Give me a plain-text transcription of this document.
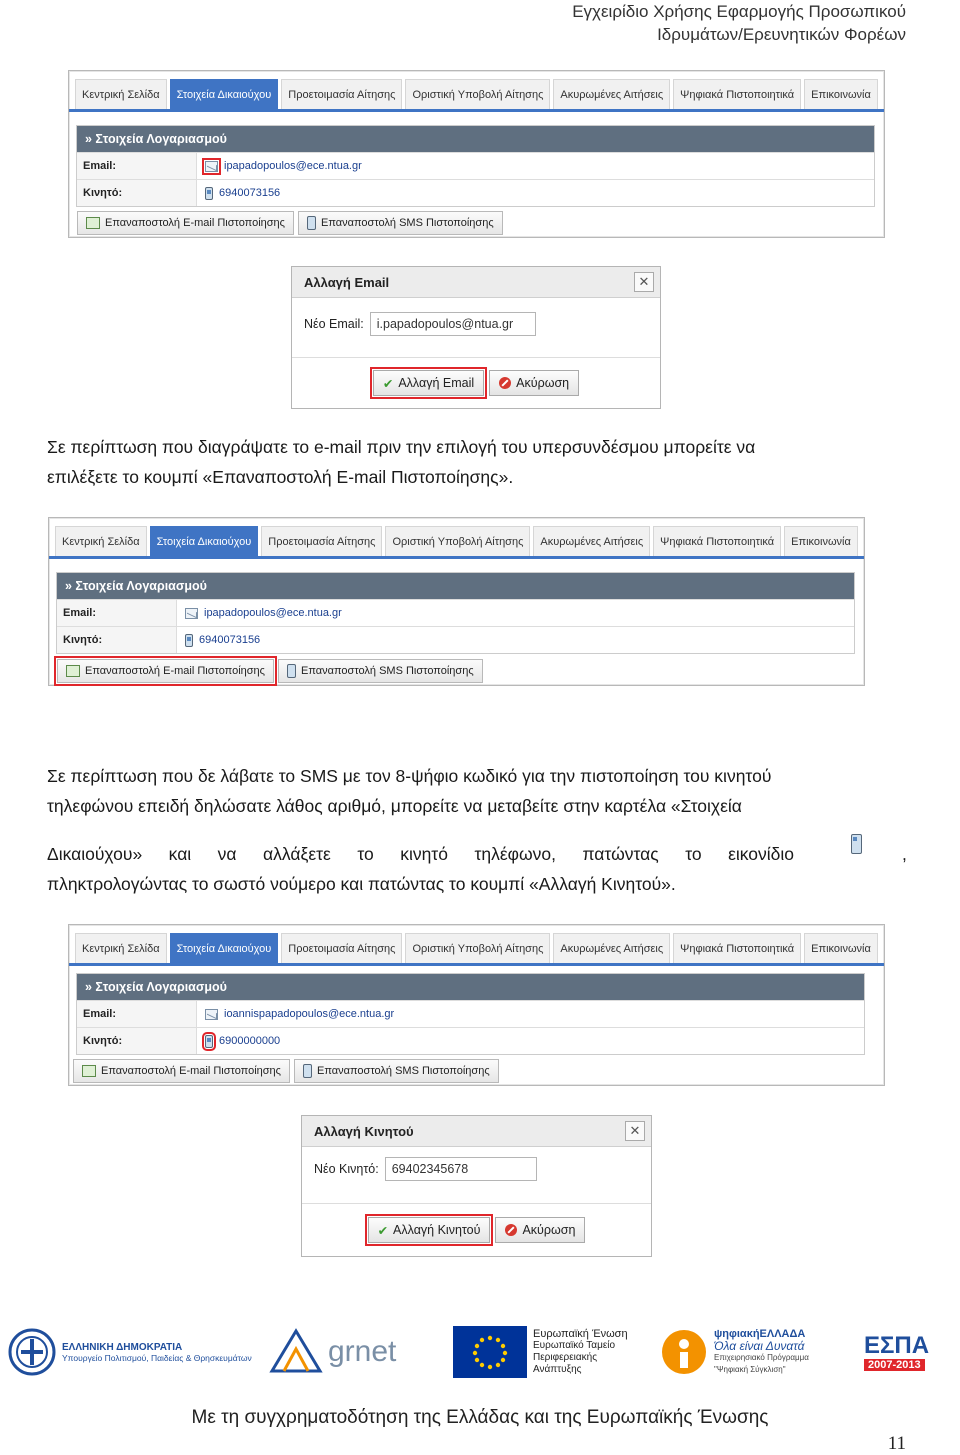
Εγχειρίδιο Χρήσης Εφαρμογής Προσωπικού
Ιδρυμάτων/Ερευνητικών Φορέων
Κεντρική Σελίδα	Στοιχεία Δικαιούχου	Προετοιμασία Αίτησης	Οριστική Υποβολή Αίτησης	Ακυρωμένες Αιτήσεις	Ψηφιακά Πιστοποιητικά	Επικοινωνία
» Στοιχεία Λογαριασμού
Email:	ipapadopoulos@ece.ntua.gr
Κινητό:	6940073156
Επαναποστολή E-mail Πιστοποίησης	Επαναποστολή SMS Πιστοποίησης
Αλλαγή Email	✕
Νέο Email:	i.papadopoulos@ntua.gr
✔ Αλλαγή Email	Ακύρωση
Σε περίπτωση που διαγράψατε το e-mail πριν την επιλογή του υπερσυνδέσμου μπορείτε να
επιλέξετε το κουμπί «Επαναποστολή E-mail Πιστοποίησης».
Κεντρική Σελίδα	Στοιχεία Δικαιούχου	Προετοιμασία Αίτησης	Οριστική Υποβολή Αίτησης	Ακυρωμένες Αιτήσεις	Ψηφιακά Πιστοποιητικά	Επικοινωνία
» Στοιχεία Λογαριασμού
Email:	ipapadopoulos@ece.ntua.gr
Κινητό:	6940073156
Επαναποστολή E-mail Πιστοποίησης	Επαναποστολή SMS Πιστοποίησης
Σε περίπτωση που δε λάβατε το SMS με τον 8-ψήφιο κωδικό για την πιστοποίηση του κινητού
τηλεφώνου επειδή δηλώσατε λάθος αριθμό, μπορείτε να μεταβείτε στην καρτέλα «Στοιχεία
Δικαιούχου» και να αλλάξετε το κινητό τηλέφωνο, πατώντας το εικονίδιο	,
πληκτρολογώντας το σωστό νούμερο και πατώντας το κουμπί «Αλλαγή Κινητού».
Κεντρική Σελίδα	Στοιχεία Δικαιούχου	Προετοιμασία Αίτησης	Οριστική Υποβολή Αίτησης	Ακυρωμένες Αιτήσεις	Ψηφιακά Πιστοποιητικά	Επικοινωνία
» Στοιχεία Λογαριασμού
Email:	ioannispapadopoulos@ece.ntua.gr
Κινητό:	6900000000
Επαναποστολή E-mail Πιστοποίησης	Επαναποστολή SMS Πιστοποίησης
Αλλαγή Κινητού	✕
Νέο Κινητό:	69402345678
✔ Αλλαγή Κινητού	Ακύρωση
ΕΛΛΗΝΙΚΗ ΔΗΜΟΚΡΑΤΙΑ
Υπουργείο Πολιτισμού, Παιδείας & Θρησκευμάτων	grnet
Ευρωπαϊκή Ένωση
Ευρωπαϊκό Ταμείο
Περιφερειακής
Ανάπτυξης
ψηφιακήΕΛΛΑΔΑ
Όλα είναι Δυνατά
Επιχειρησιακό Πρόγραμμα
"Ψηφιακή Σύγκλιση"
ΕΣΠΑ
2007-2013
Με τη συγχρηματοδότηση της Ελλάδας και της Ευρωπαϊκής Ένωσης
11
